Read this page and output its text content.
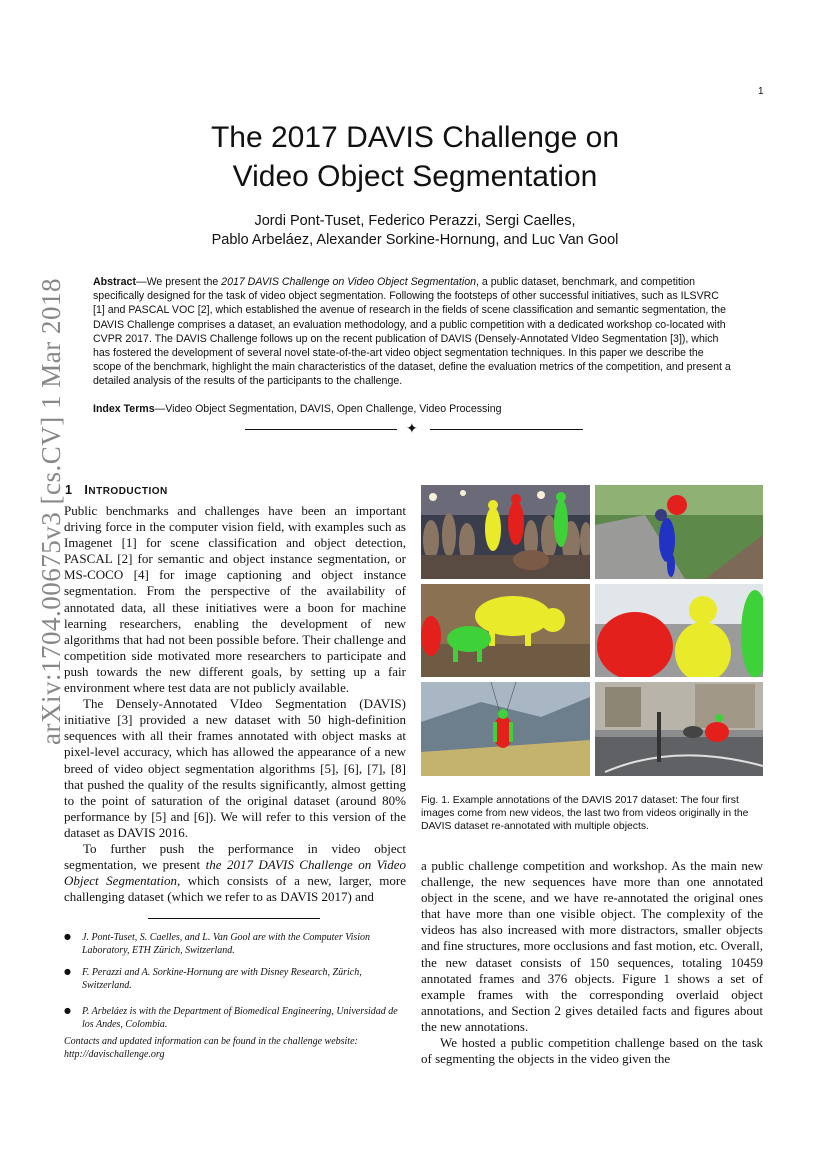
1
arXiv:1704.00675v3 [cs.CV] 1 Mar 2018
The 2017 DAVIS Challenge on
Video Object Segmentation
Jordi Pont-Tuset, Federico Perazzi, Sergi Caelles,
Pablo Arbeláez, Alexander Sorkine-Hornung, and Luc Van Gool
Abstract—We present the 2017 DAVIS Challenge on Video Object Segmentation, a public dataset, benchmark, and competition specifically designed for the task of video object segmentation. Following the footsteps of other successful initiatives, such as ILSVRC [1] and PASCAL VOC [2], which established the avenue of research in the fields of scene classification and semantic segmentation, the DAVIS Challenge comprises a dataset, an evaluation methodology, and a public competition with a dedicated workshop co-located with CVPR 2017. The DAVIS Challenge follows up on the recent publication of DAVIS (Densely-Annotated VIdeo Segmentation [3]), which has fostered the development of several novel state-of-the-art video object segmentation techniques. In this paper we describe the scope of the benchmark, highlight the main characteristics of the dataset, define the evaluation metrics of the competition, and present a detailed analysis of the results of the participants to the challenge.
Index Terms—Video Object Segmentation, DAVIS, Open Challenge, Video Processing
✦
1 INTRODUCTION

Public benchmarks and challenges have been an important driving force in the computer vision field, with examples such as Imagenet [1] for scene classification and object detection, PASCAL [2] for semantic and object instance segmentation, or MS-COCO [4] for image captioning and object instance segmentation. From the perspective of the availability of annotated data, all these initiatives were a boon for machine learning researchers, enabling the development of new algorithms that had not been possible before. Their challenge and competition side motivated more researchers to participate and push towards the new different goals, by setting up a fair environment where test data are not publicly available.

The Densely-Annotated VIdeo Segmentation (DAVIS) initiative [3] provided a new dataset with 50 high-definition sequences with all their frames annotated with object masks at pixel-level accuracy, which has allowed the appearance of a new breed of video object segmentation algorithms [5], [6], [7], [8] that pushed the quality of the results significantly, almost getting to the point of saturation of the original dataset (around 80% performance by [5] and [6]). We will refer to this version of the dataset as DAVIS 2016.

To further push the performance in video object segmentation, we present the 2017 DAVIS Challenge on Video Object Segmentation, which consists of a new, larger, more challenging dataset (which we refer to as DAVIS 2017) and

● J. Pont-Tuset, S. Caelles, and L. Van Gool are with the Computer Vision Laboratory, ETH Zürich, Switzerland.
● F. Perazzi and A. Sorkine-Hornung are with Disney Research, Zürich, Switzerland.
● P. Arbeláez is with the Department of Biomedical Engineering, Universidad de los Andes, Colombia.
Contacts and updated information can be found in the challenge website: http://davischallenge.org
Fig. 1. Example annotations of the DAVIS 2017 dataset: The four first images come from new videos, the last two from videos originally in the DAVIS dataset re-annotated with multiple objects.

a public challenge competition and workshop. As the main new challenge, the new sequences have more than one annotated object in the scene, and we have re-annotated the original ones that have more than one visible object. The complexity of the videos has also increased with more distractors, smaller objects and fine structures, more occlusions and fast motion, etc. Overall, the new dataset consists of 150 sequences, totaling 10459 annotated frames and 376 objects. Figure 1 shows a set of example frames with the corresponding overlaid object annotations, and Section 2 gives detailed facts and figures about the new annotations.

We hosted a public competition challenge based on the task of segmenting the objects in the video given the
